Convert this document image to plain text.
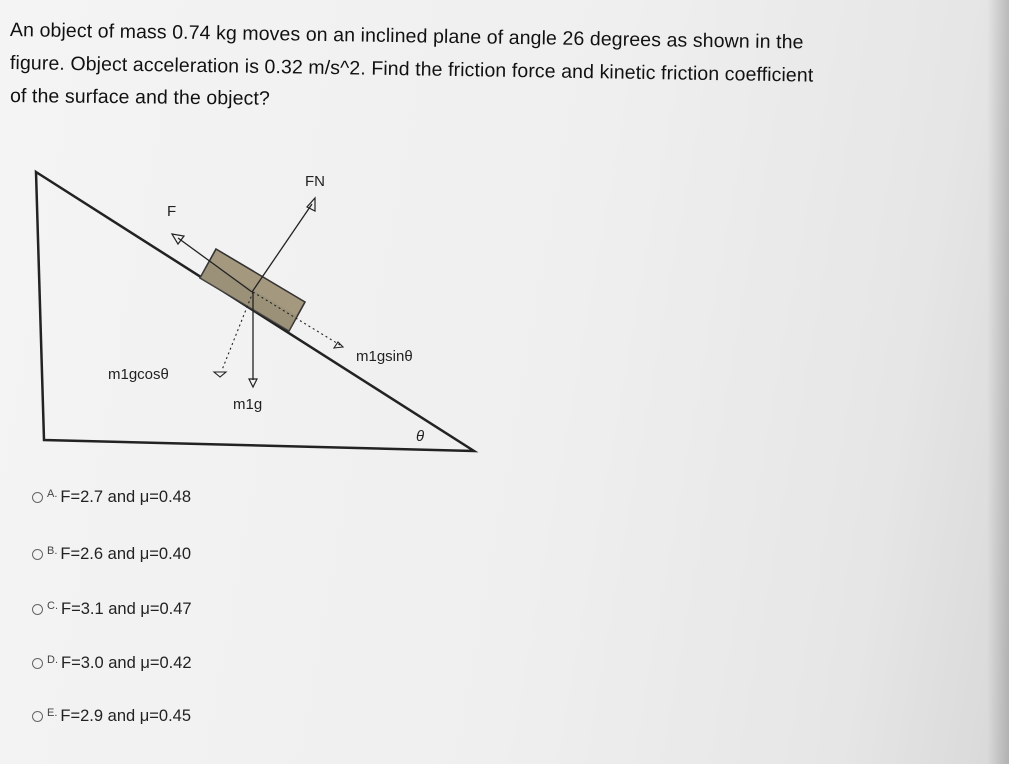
An object of mass 0.74 kg moves on an inclined plane of angle 26 degrees as shown in the
figure. Object acceleration is 0.32 m/s^2. Find the friction force and kinetic friction coefficient
of the surface and the object?
FN
F
m1gsinθ
m1gcosθ
m1g
θ
A. F=2.7 and μ=0.48
B. F=2.6 and μ=0.40
C. F=3.1 and μ=0.47
D. F=3.0 and μ=0.42
E. F=2.9 and μ=0.45
